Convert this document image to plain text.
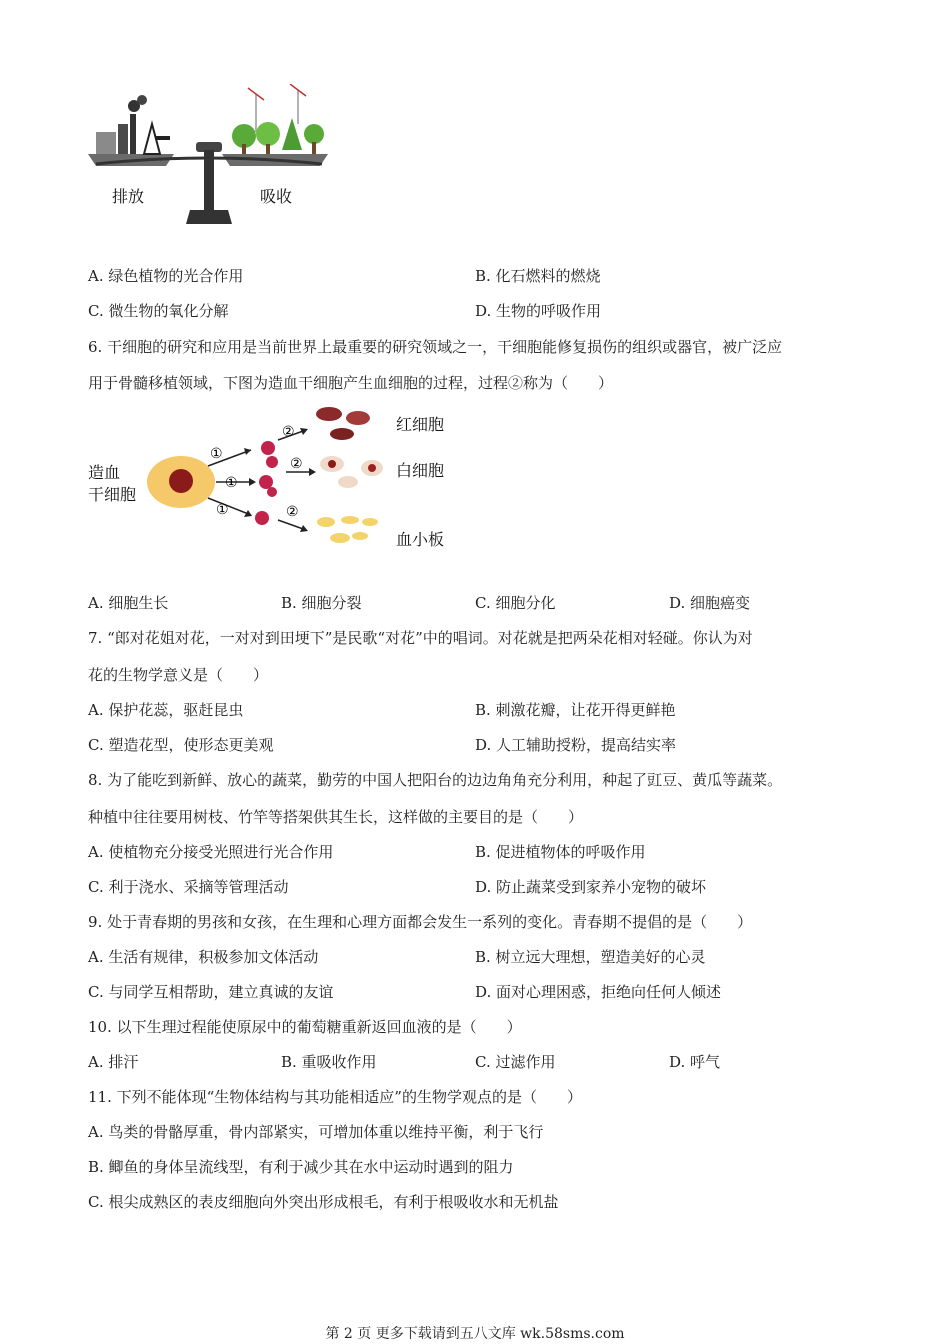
排放	吸收
A. 绿色植物的光合作用	B. 化石燃料的燃烧
C. 微生物的氧化分解	D. 生物的呼吸作用
6. 干细胞的研究和应用是当前世界上最重要的研究领域之一，干细胞能修复损伤的组织或器官，被广泛应
用于骨髓移植领域，下图为造血干细胞产生血细胞的过程，过程②称为（　　）
造血
干细胞
①
①
①
②
②
②
红细胞
白细胞
血小板
A. 细胞生长	B. 细胞分裂	C. 细胞分化	D. 细胞癌变
7. “郎对花姐对花，一对对到田埂下”是民歌“对花”中的唱词。对花就是把两朵花相对轻碰。你认为对
花的生物学意义是（　　）
A. 保护花蕊，驱赶昆虫	B. 刺激花瓣，让花开得更鲜艳
C. 塑造花型，使形态更美观	D. 人工辅助授粉，提高结实率
8. 为了能吃到新鲜、放心的蔬菜，勤劳的中国人把阳台的边边角角充分利用，种起了豇豆、黄瓜等蔬菜。
种植中往往要用树枝、竹竿等搭架供其生长，这样做的主要目的是（　　）
A. 使植物充分接受光照进行光合作用	B. 促进植物体的呼吸作用
C. 利于浇水、采摘等管理活动	D. 防止蔬菜受到家养小宠物的破坏
9. 处于青春期的男孩和女孩，在生理和心理方面都会发生一系列的变化。青春期不提倡的是（　　）
A. 生活有规律，积极参加文体活动	B. 树立远大理想，塑造美好的心灵
C. 与同学互相帮助，建立真诚的友谊	D. 面对心理困惑，拒绝向任何人倾述
10. 以下生理过程能使原尿中的葡萄糖重新返回血液的是（　　）
A. 排汗	B. 重吸收作用	C. 过滤作用	D. 呼气
11. 下列不能体现“生物体结构与其功能相适应”的生物学观点的是（　　）
A. 鸟类的骨骼厚重，骨内部紧实，可增加体重以维持平衡，利于飞行
B. 鲫鱼的身体呈流线型，有利于减少其在水中运动时遇到的阻力
C. 根尖成熟区的表皮细胞向外突出形成根毛，有利于根吸收水和无机盐
第 2 页 更多下载请到五八文库 wk.58sms.com
